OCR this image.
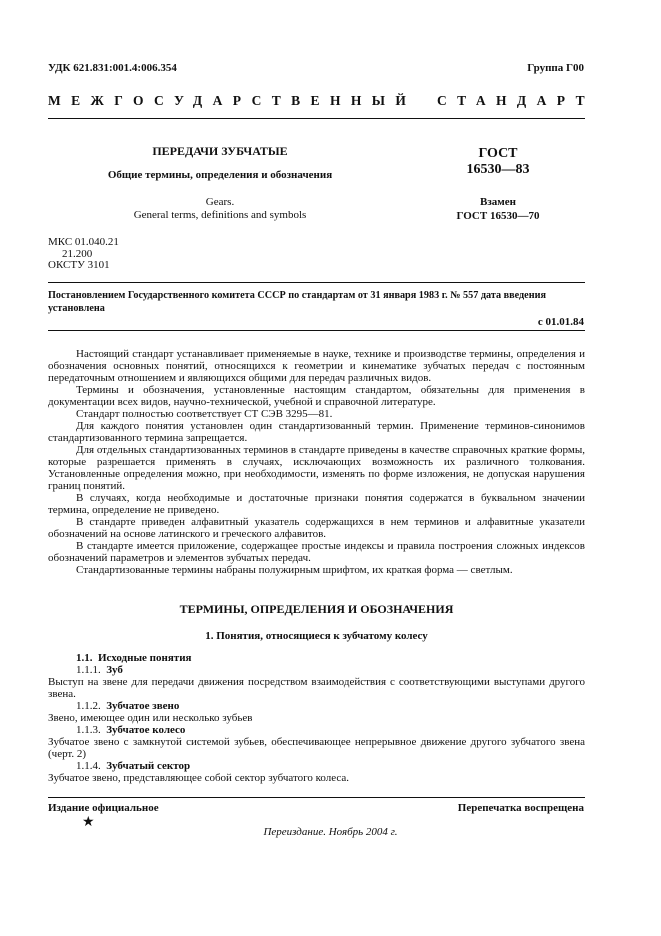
УДК 621.831:001.4:006.354	Группа Г00
МЕЖГОСУДАРСТВЕННЫЙ СТАНДАРТ
ПЕРЕДАЧИ ЗУБЧАТЫЕ
Общие термины, определения и обозначения
Gears.
General terms, definitions and symbols
ГОСТ
16530—83
Взамен
ГОСТ 16530—70
МКС 01.040.21
21.200
ОКСТУ 3101
Постановлением Государственного комитета СССР по стандартам от 31 января 1983 г. № 557 дата введения установлена
с 01.01.84

Настоящий стандарт устанавливает применяемые в науке, технике и производстве термины, определения и обозначения основных понятий, относящихся к геометрии и кинематике зубчатых передач с постоянным передаточным отношением и являющихся общими для передач различных видов.

Термины и обозначения, установленные настоящим стандартом, обязательны для применения в документации всех видов, научно-технической, учебной и справочной литературе.

Стандарт полностью соответствует СТ СЭВ 3295—81.

Для каждого понятия установлен один стандартизованный термин. Применение терминов-синонимов стандартизованного термина запрещается.

Для отдельных стандартизованных терминов в стандарте приведены в качестве справочных краткие формы, которые разрешается применять в случаях, исключающих возможность их различного толкования. Установленные определения можно, при необходимости, изменять по форме изложения, не допуская нарушения границ понятий.

В случаях, когда необходимые и достаточные признаки понятия содержатся в буквальном значении термина, определение не приведено.

В стандарте приведен алфавитный указатель содержащихся в нем терминов и алфавитные указатели обозначений на основе латинского и греческого алфавитов.

В стандарте имеется приложение, содержащее простые индексы и правила построения сложных индексов обозначений параметров и элементов зубчатых передач.

Стандартизованные термины набраны полужирным шрифтом, их краткая форма — светлым.

ТЕРМИНЫ, ОПРЕДЕЛЕНИЯ И ОБОЗНАЧЕНИЯ
1. Понятия, относящиеся к зубчатому колесу

1.1. Исходные понятия

1.1.1. Зуб

Выступ на звене для передачи движения посредством взаимодействия с соответствующими выступами другого звена.

1.1.2. Зубчатое звено

Звено, имеющее один или несколько зубьев

1.1.3. Зубчатое колесо

Зубчатое звено с замкнутой системой зубьев, обеспечивающее непрерывное движение другого зубчатого звена (черт. 2)

1.1.4. Зубчатый сектор

Зубчатое звено, представляющее собой сектор зубчатого колеса.

Издание официальное	Перепечатка воспрещена
★
Переиздание. Ноябрь 2004 г.
